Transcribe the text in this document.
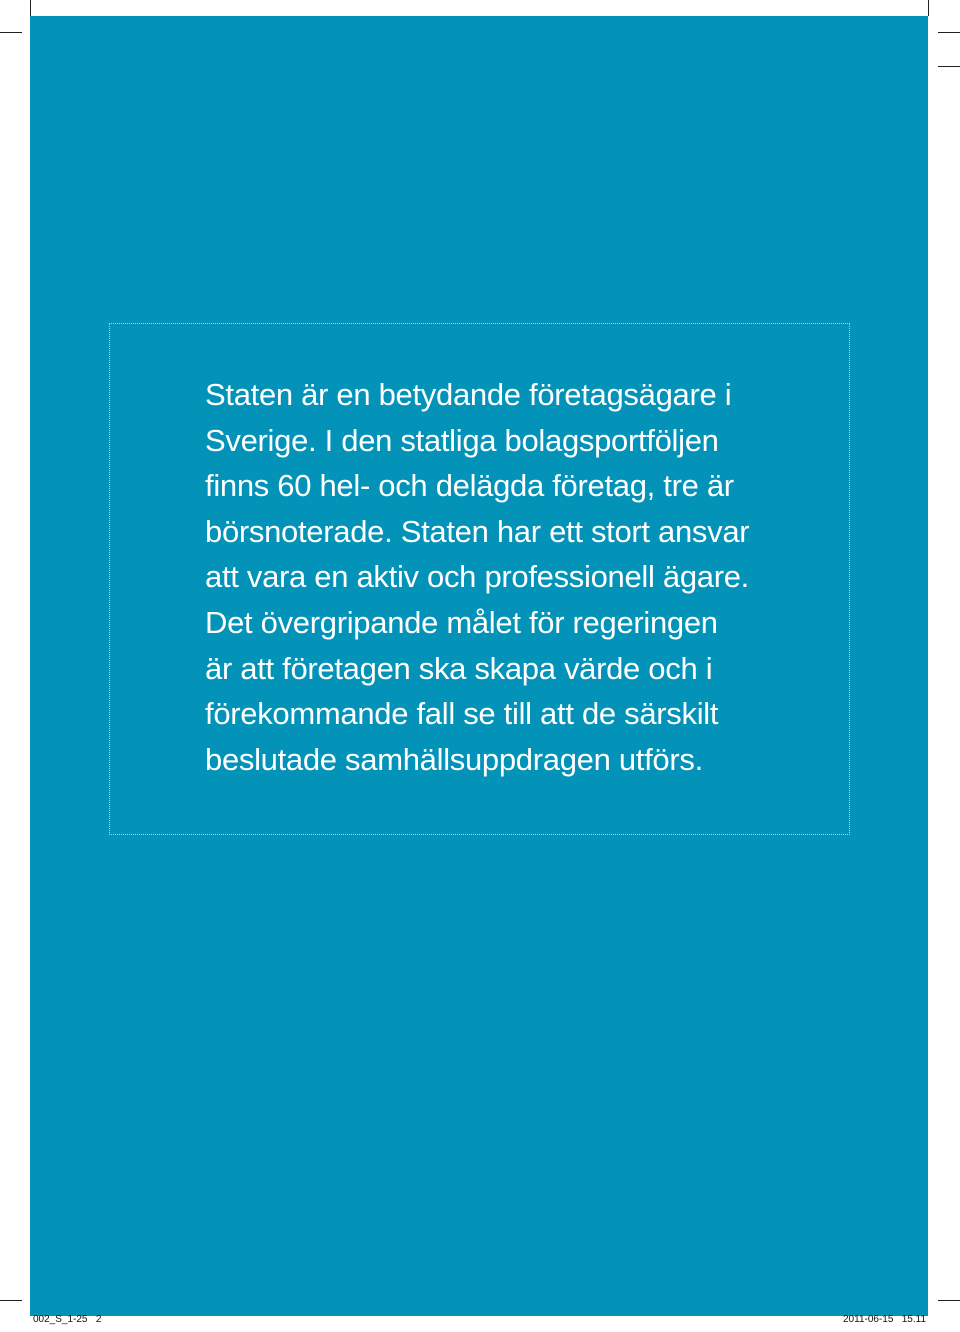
Staten är en betydande företagsägare i
Sverige. I den statliga bolagsportföljen
finns 60 hel- och delägda företag, tre är
börsnoterade. Staten har ett stort ansvar
att vara en aktiv och professionell ägare.
Det övergripande målet för regeringen
är att företagen ska skapa värde och i
förekommande fall se till att de särskilt
beslutade samhällsuppdragen utförs.

002_S_1-25   2	2011-06-15   15.11
